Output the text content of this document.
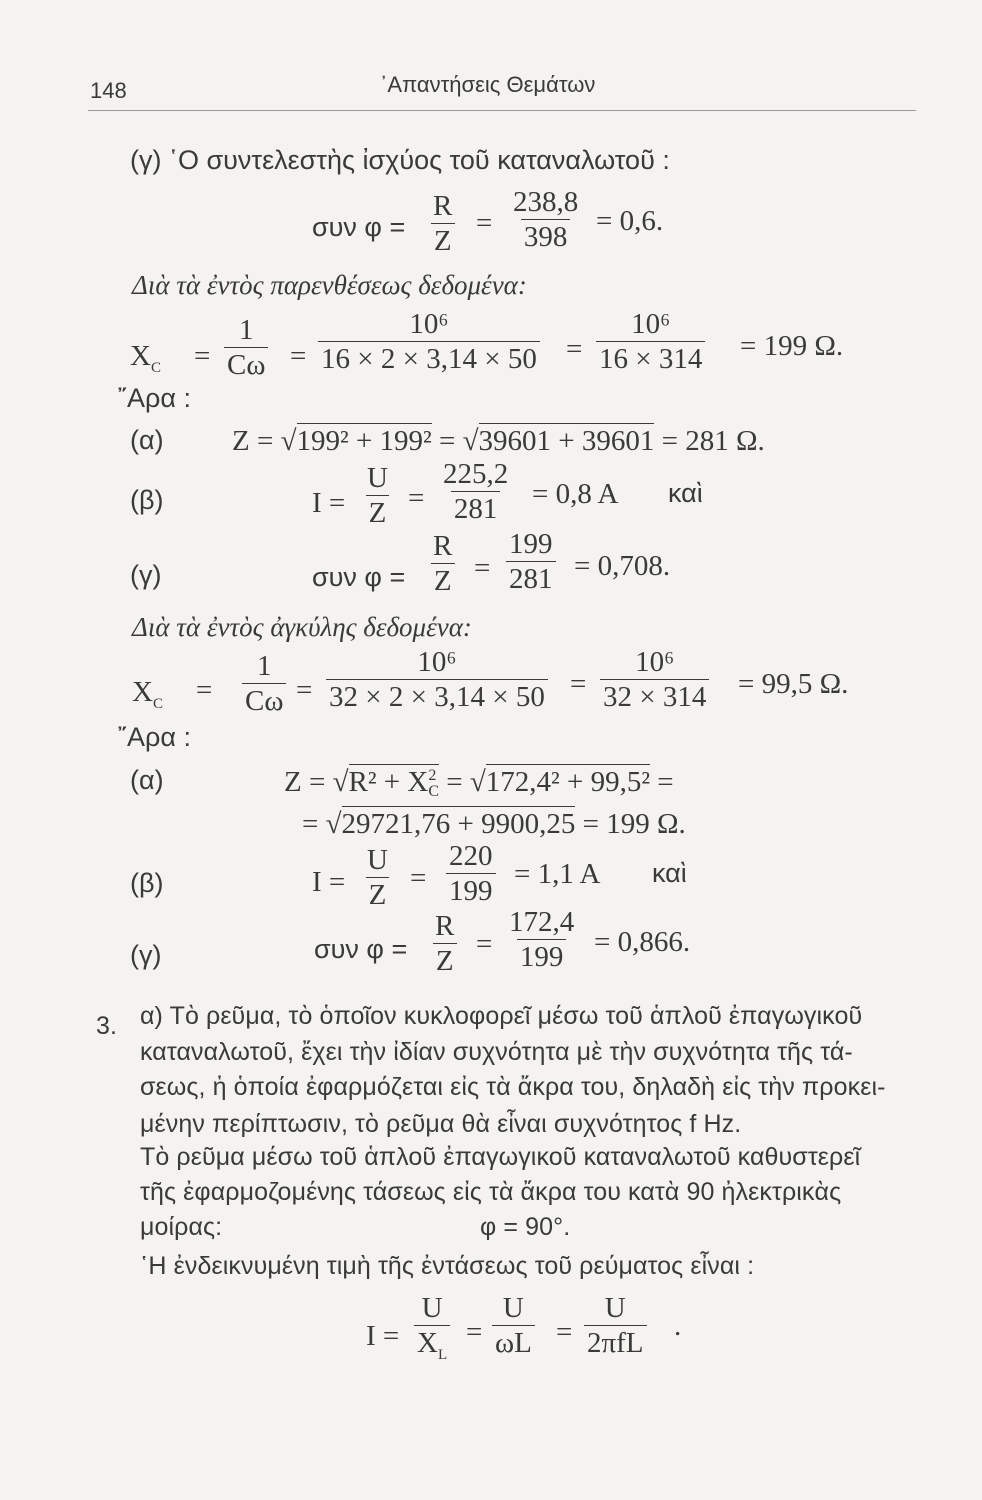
148	᾿Απαντήσεις Θεμάτων
(γ) ῾Ο συντελεστὴς ἰσχύος τοῦ καταναλωτοῦ :
συν $\varphi = \frac{R}{Z} = \frac{238,8}{398} = 0,6$.
Διὰ τὰ ἐντὸς παρενθέσεως δεδομένα:
$X_C = \frac{1}{C\omega} = \frac{\text{10⁶}}{16 \times 2 \times 3,14 \times 50} = \frac{\text{10⁶}}{16 \times 314} = 199$ Ω.
῎Αρα :
(α) Z = √199² + 199² = √39601 + 39601 = 281 Ω.
(β)	$I = \frac{U}{Z} = \frac{225,2}{281} = 0,8$ A καὶ
(γ)	συν $\varphi = \frac{R}{Z} = \frac{199}{281} = 0,708$.
Διὰ τὰ ἐντὸς ἀγκύλης δεδομένα:
$X_C = \frac{1}{C\omega} = \frac{\text{10⁶}}{32 \times 2 \times 3,14 \times 50} = \frac{\text{10⁶}}{32 \times 314} = 99,5$ Ω.
῎Αρα :
(α)	Z = √R² + X 2
C = √172,4² + 99,5² =
= √29721,76 + 9900,25 = 199 Ω.
(β)	$I = \frac{U}{Z} = \frac{220}{199} = 1,1$ A καὶ
(γ)	συν $\varphi = \frac{R}{Z} = \frac{172,4}{199} = 0,866$.
3. α) Τὸ ρεῦμα, τὸ ὁποῖον κυκλοφορεῖ μέσω τοῦ ἁπλοῦ ἐπαγωγικοῦ
καταναλωτοῦ, ἔχει τὴν ἰδίαν συχνότητα μὲ τὴν συχνότητα τῆς τά-
σεως, ἡ ὁποία ἐφαρμόζεται εἰς τὰ ἄκρα του, δηλαδὴ εἰς τὴν προκει-
μένην περίπτωσιν, τὸ ρεῦμα θὰ εἶναι συχνότητος f Hz.
Τὸ ρεῦμα μέσω τοῦ ἁπλοῦ ἐπαγωγικοῦ καταναλωτοῦ καθυστερεῖ
τῆς ἐφαρμοζομένης τάσεως εἰς τὰ ἄκρα του κατὰ 90 ἠλεκτρικὰς
μοίρας:	φ = 90°.
῾Η ἐνδεικνυμένη τιμὴ τῆς ἐντάσεως τοῦ ρεύματος εἶναι :
$I = \frac{U}{X_L} = \frac{U}{\omega L}$ =
U
2πfL
.
